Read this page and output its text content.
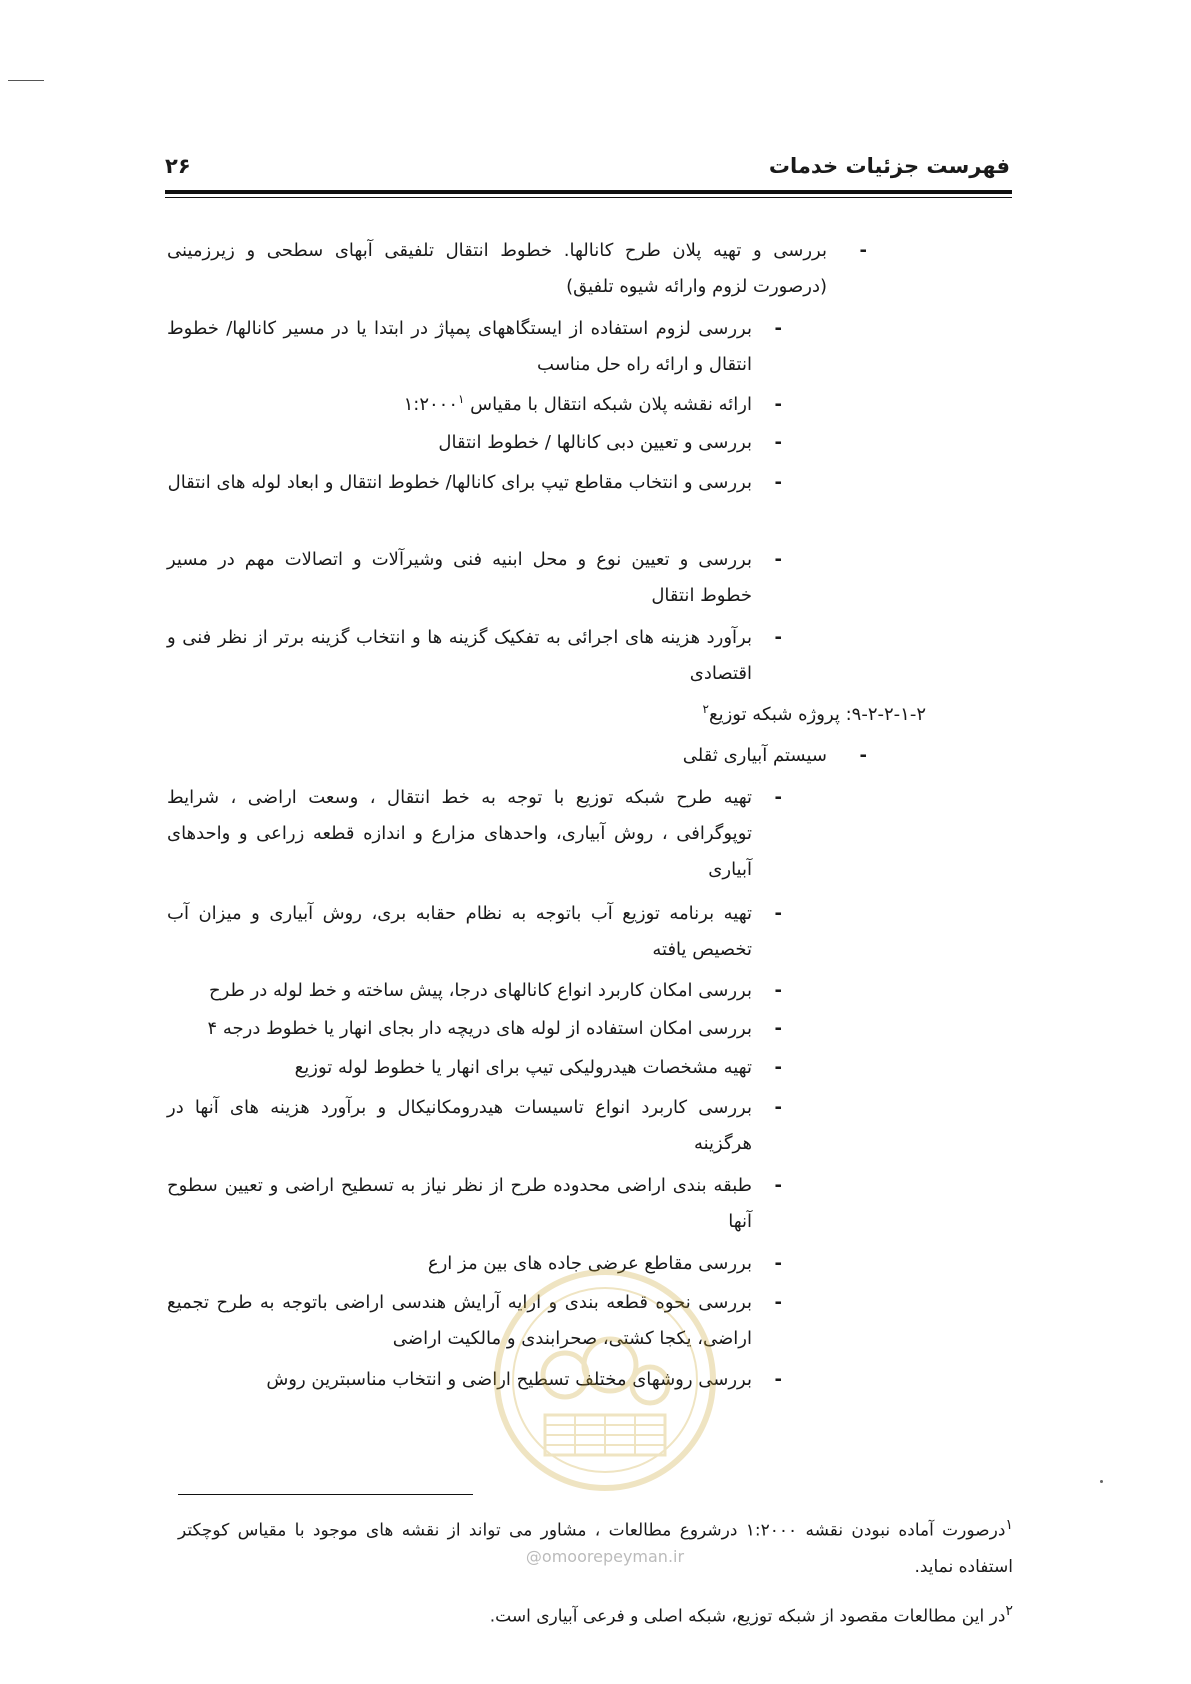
فهرست جزئیات خدمات
۲۶
-
بررسی و تهیه پلان طرح کانالها. خطوط انتقال تلفیقی آبهای سطحی و زیرزمینی (درصورت لزوم وارائه شیوه تلفیق)
-
بررسی لزوم استفاده از ایستگاههای پمپاژ در ابتدا یا در مسیر کانالها/ خطوط انتقال و ارائه راه حل مناسب
-
ارائه نقشه پلان شبکه انتقال با مقیاس ۱:۲۰۰۰$^۱$
-
بررسی و تعیین دبی کانالها / خطوط انتقال
-
بررسی و انتخاب مقاطع تیپ برای کانالها/ خطوط انتقال و ابعاد لوله های انتقال
-
بررسی و تعیین نوع و محل ابنیه فنی وشیرآلات و اتصالات مهم در مسیر خطوط انتقال
-
برآورد هزینه های اجرائی به تفکیک گزینه ها و انتخاب گزینه برتر از نظر فنی و اقتصادی
۹-۲-۲-۱-۲: پروژه شبکه توزیع$^۲$
-
سیستم آبیاری ثقلی
-
تهیه طرح شبکه توزیع با توجه به خط انتقال ، وسعت اراضی ، شرایط توپوگرافی ، روش آبیاری، واحدهای مزارع و اندازه قطعه زراعی و واحدهای آبیاری
-
تهیه برنامه توزیع آب باتوجه به نظام حقابه بری، روش آبیاری و میزان آب تخصیص یافته
-
بررسی امکان کاربرد انواع کانالهای درجا، پیش ساخته و خط لوله در طرح
-
بررسی امکان استفاده از لوله های دریچه دار بجای انهار یا خطوط درجه ۴
-
تهیه مشخصات هیدرولیکی تیپ برای انهار یا خطوط لوله توزیع
-
بررسی کاربرد انواع تاسیسات هیدرومکانیکال و برآورد هزینه های آنها در هرگزینه
-
طبقه بندی اراضی محدوده طرح از نظر نیاز به تسطیح اراضی و تعیین سطوح آنها
-
بررسی مقاطع عرضی جاده های بین مز ارع
-
بررسی نحوه قطعه بندی و ارایه آرایش هندسی اراضی باتوجه به طرح تجمیع اراضی، یکجا کشتی، صحرابندی و مالکیت اراضی
-
بررسی روشهای مختلف تسطیح اراضی و انتخاب مناسبترین روش
$^۱$درصورت آماده نبودن نقشه ۱:۲۰۰۰ درشروع مطالعات ، مشاور می تواند از نقشه های موجود با مقیاس کوچکتر استفاده نماید.
$^۲$در این مطالعات مقصود از شبکه توزیع، شبکه اصلی و فرعی آبیاری است.
@omoorepeyman.ir
